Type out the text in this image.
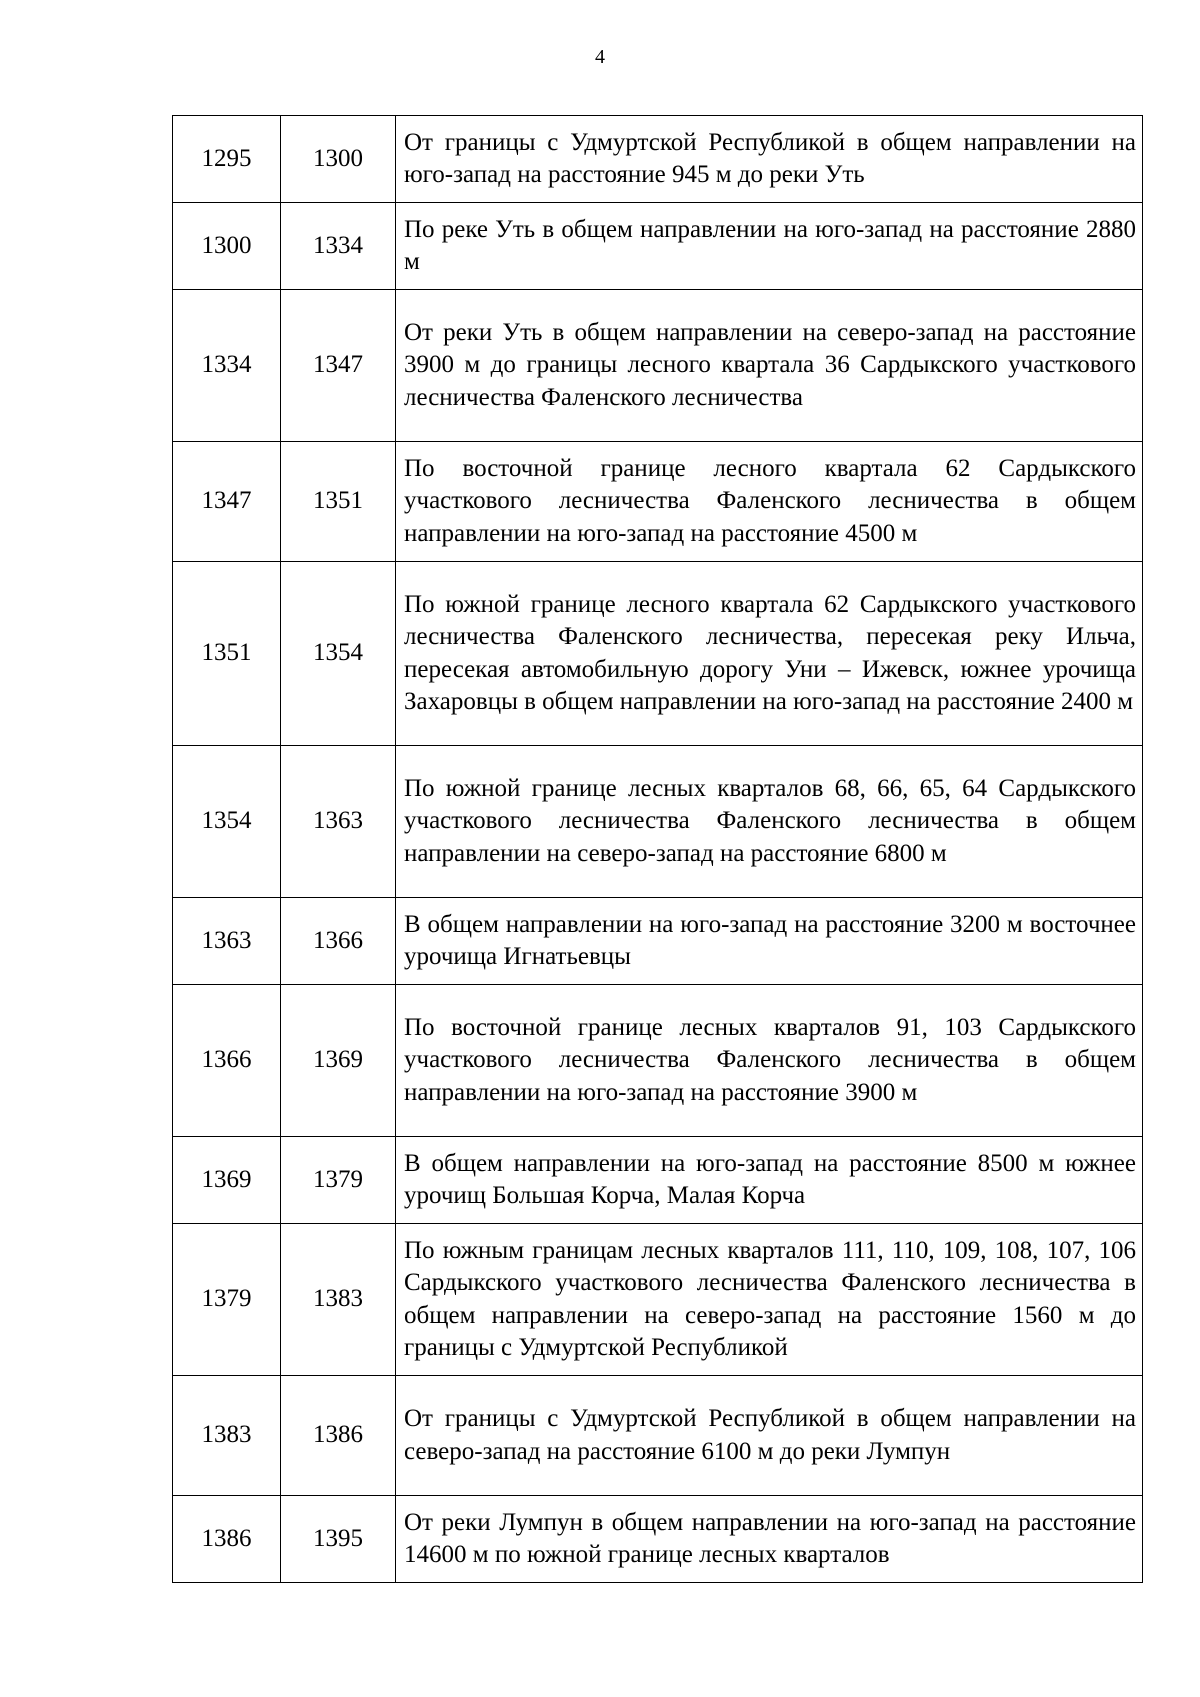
4
1295	1300	От границы с Удмуртской Республикой в общем направлении на юго-запад на расстояние 945 м до реки Уть
1300	1334	По реке Уть в общем направлении на юго-запад на расстояние 2880 м
1334	1347	От реки Уть в общем направлении на северо-запад на расстояние 3900 м до границы лесного квартала 36 Сардыкского участкового лесничества Фаленского лесничества
1347	1351	По восточной границе лесного квартала 62 Сардыкского участкового лесничества Фаленского лесничества в общем направлении на юго-запад на расстояние 4500 м
1351	1354	По южной границе лесного квартала 62 Сардыкского участкового лесничества Фаленского лесничества, пересекая реку Ильча, пересекая автомобильную дорогу Уни – Ижевск, южнее урочища Захаровцы в общем направлении на юго-запад на расстояние 2400 м
1354	1363	По южной границе лесных кварталов 68, 66, 65, 64 Сардыкского участкового лесничества Фаленского лесничества в общем направлении на северо-запад на расстояние 6800 м
1363	1366	В общем направлении на юго-запад на расстояние 3200 м восточнее урочища Игнатьевцы
1366	1369	По восточной границе лесных кварталов 91, 103 Сардыкского участкового лесничества Фаленского лесничества в общем направлении на юго-запад на расстояние 3900 м
1369	1379	В общем направлении на юго-запад на расстояние 8500 м южнее урочищ Большая Корча, Малая Корча
1379	1383	По южным границам лесных кварталов 111, 110, 109, 108, 107, 106 Сардыкского участкового лесничества Фаленского лесничества в общем направлении на северо-запад на расстояние 1560 м до границы с Удмуртской Республикой
1383	1386	От границы с Удмуртской Республикой в общем направлении на северо-запад на расстояние 6100 м до реки Лумпун
1386	1395	От реки Лумпун в общем направлении на юго-запад на расстояние 14600 м по южной границе лесных кварталов
